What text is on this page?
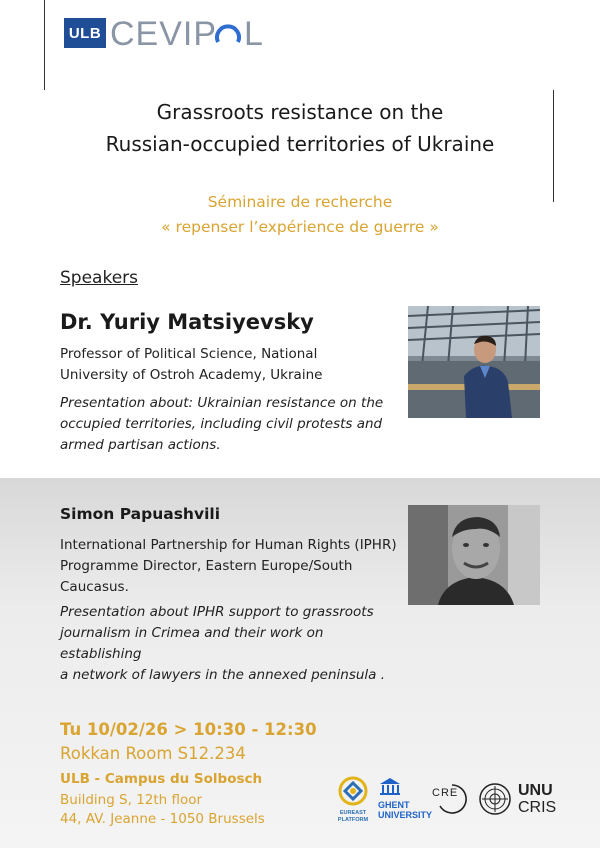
ULB CEVIP L
Grassroots resistance on the
Russian-occupied territories of Ukraine
Séminaire de recherche
« repenser l’expérience de guerre »
Speakers
Dr. Yuriy Matsiyevsky
Professor of Political Science, National
University of Ostroh Academy, Ukraine
Presentation about: Ukrainian resistance on the
occupied territories, including civil protests and
armed partisan actions.
Simon Papuashvili
International Partnership for Human Rights (IPHR)
Programme Director, Eastern Europe/South
Caucasus.
Presentation about IPHR support to grassroots
journalism in Crimea and their work on establishing
a network of lawyers in the annexed peninsula .
Tu 10/02/26 > 10:30 - 12:30
Rokkan Room S12.234
ULB - Campus du Solbosch
Building S, 12th floor
44, AV. Jeanne - 1050 Brussels	EUREAST PLATFORM
GHENT
UNIVERSITY
CRE	UNU
CRIS
